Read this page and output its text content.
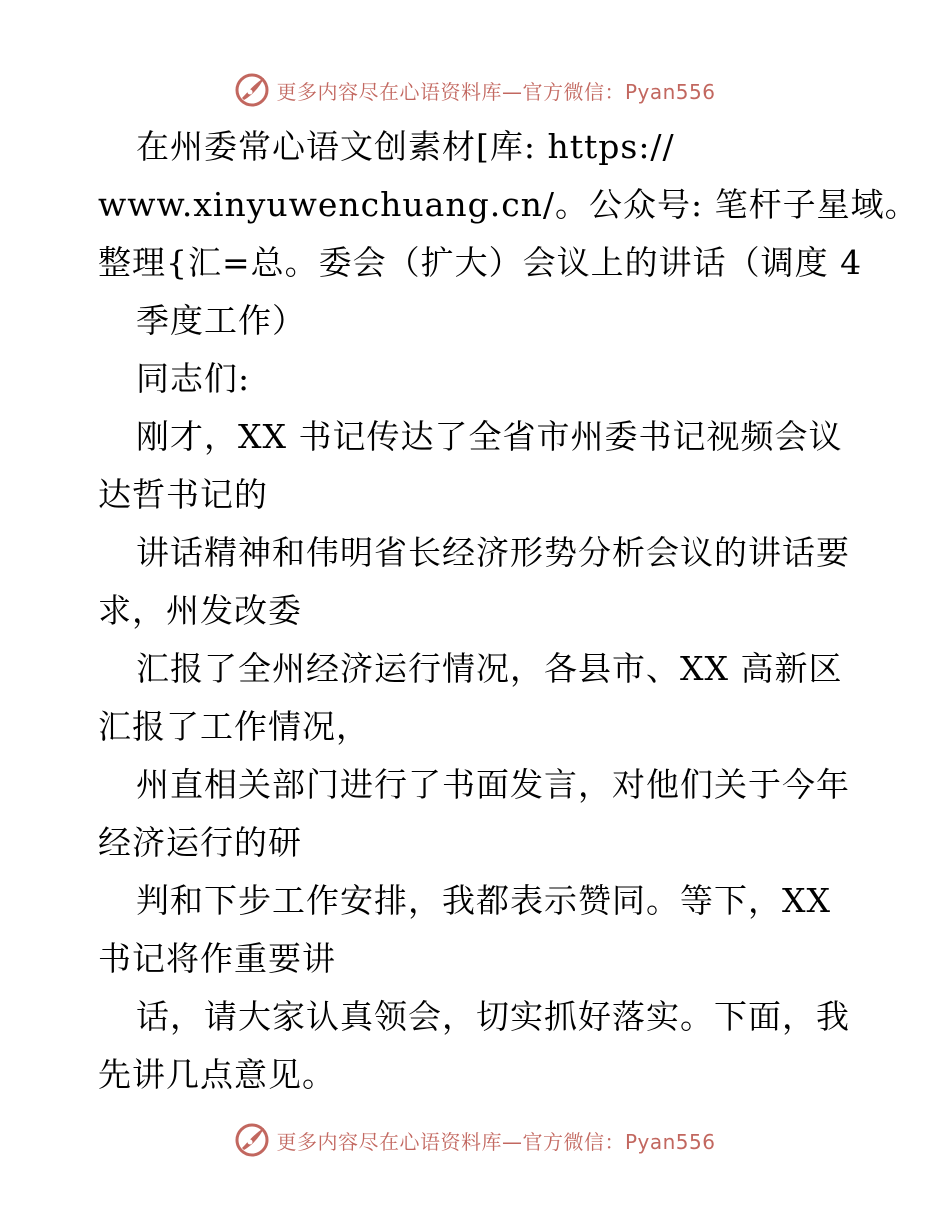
更多内容尽在心语资料库—官方微信：Pyan556
在州委常心语文创素材[库: https://
www.xinyuwenchuang.cn/。公众号: 笔杆子星域。
整理{汇=总。委会（扩大）会议上的讲话（调度 4
季度工作）
同志们:
刚才，XX 书记传达了全省市州委书记视频会议
达哲书记的
讲话精神和伟明省长经济形势分析会议的讲话要
求，州发改委
汇报了全州经济运行情况，各县市、XX 高新区
汇报了工作情况，
州直相关部门进行了书面发言，对他们关于今年
经济运行的研
判和下步工作安排，我都表示赞同。等下，XX
书记将作重要讲
话，请大家认真领会，切实抓好落实。下面，我
先讲几点意见。
更多内容尽在心语资料库—官方微信：Pyan556
